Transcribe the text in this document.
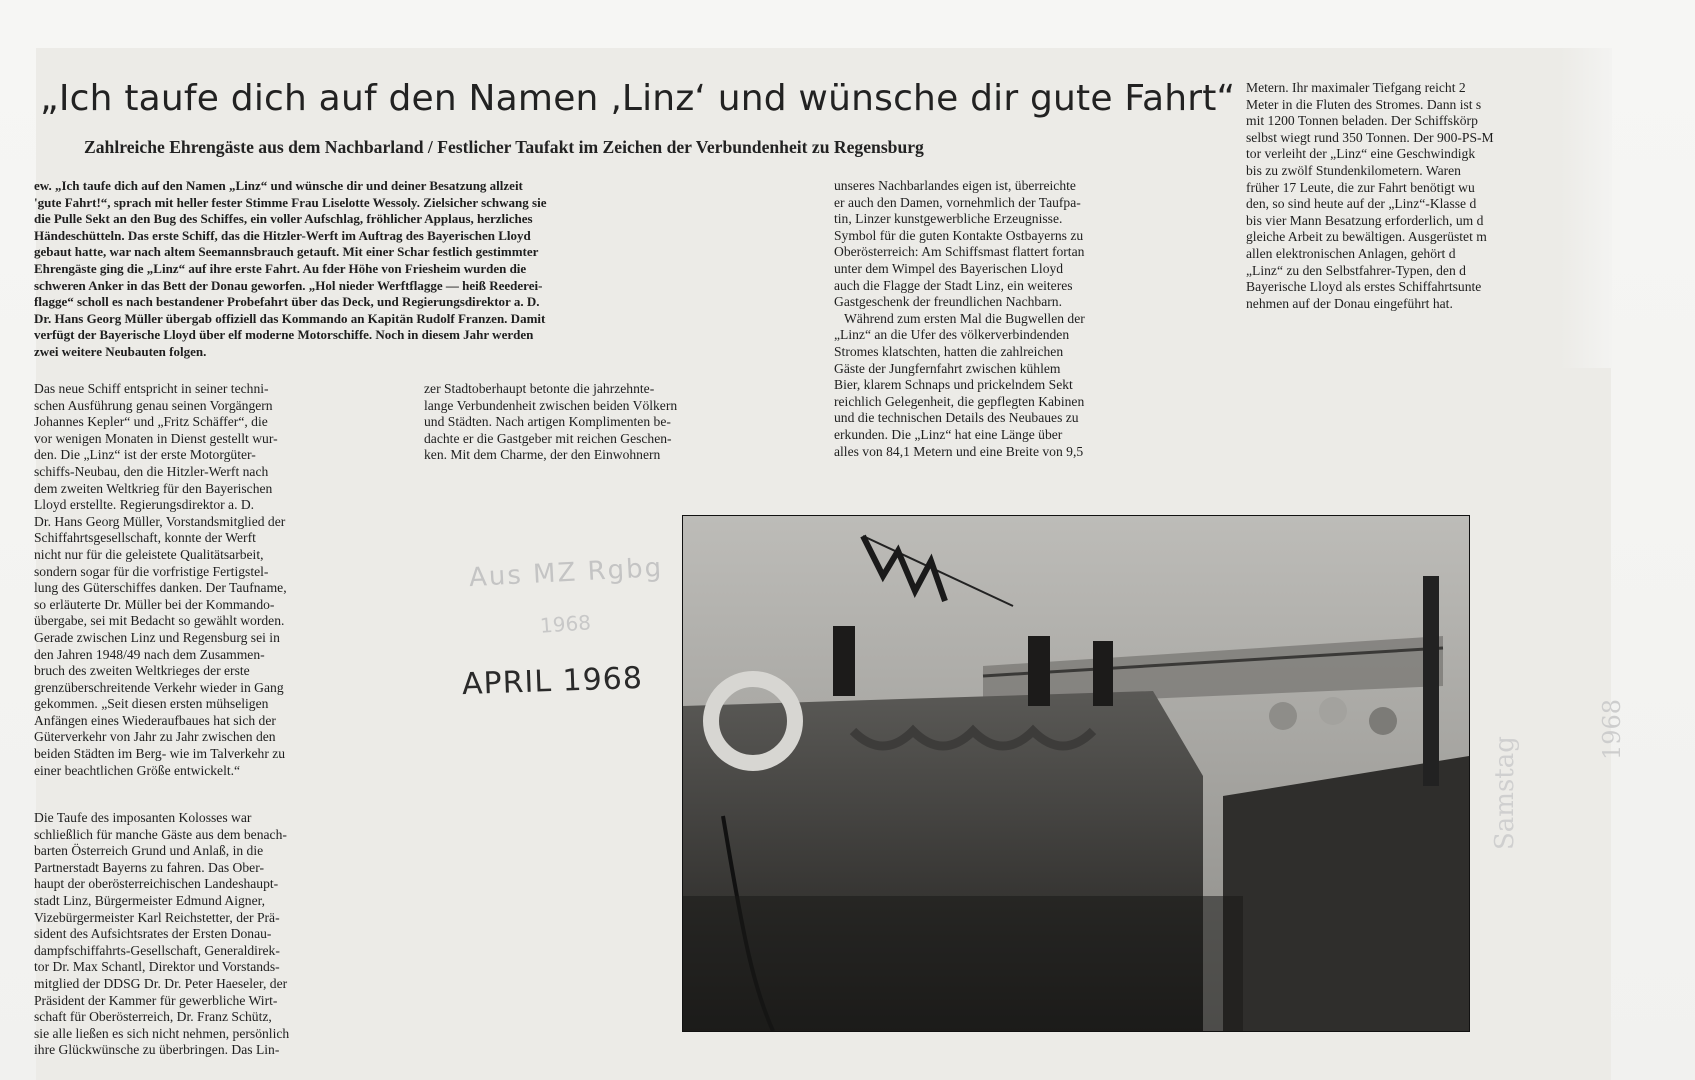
„Ich taufe dich auf den Namen ‚Linz‘ und wünsche dir gute Fahrt“
Zahlreiche Ehrengäste aus dem Nachbarland / Festlicher Taufakt im Zeichen der Verbundenheit zu Regensburg

ew. „Ich taufe dich auf den Namen „Linz“ und wünsche dir und deiner Besatzung allzeit
'gute Fahrt!“, sprach mit heller fester Stimme Frau Liselotte Wessoly. Zielsicher schwang sie
die Pulle Sekt an den Bug des Schiffes, ein voller Aufschlag, fröhlicher Applaus, herzliches
Händeschütteln. Das erste Schiff, das die Hitzler-Werft im Auftrag des Bayerischen Lloyd
gebaut hatte, war nach altem Seemannsbrauch getauft. Mit einer Schar festlich gestimmter
Ehrengäste ging die „Linz“ auf ihre erste Fahrt. Au fder Höhe von Friesheim wurden die
schweren Anker in das Bett der Donau geworfen. „Hol nieder Werftflagge — heiß Reederei-
flagge“ scholl es nach bestandener Probefahrt über das Deck, und Regierungsdirektor a. D.
Dr. Hans Georg Müller übergab offiziell das Kommando an Kapitän Rudolf Franzen. Damit
verfügt der Bayerische Lloyd über elf moderne Motorschiffe. Noch in diesem Jahr werden
zwei weitere Neubauten folgen.

Das neue Schiff entspricht in seiner techni-
schen Ausführung genau seinen Vorgängern
Johannes Kepler“ und „Fritz Schäffer“, die
vor wenigen Monaten in Dienst gestellt wur-
den. Die „Linz“ ist der erste Motorgüter-
schiffs-Neubau, den die Hitzler-Werft nach
dem zweiten Weltkrieg für den Bayerischen
Lloyd erstellte. Regierungsdirektor a. D.
Dr. Hans Georg Müller, Vorstandsmitglied der
Schiffahrtsgesellschaft, konnte der Werft
nicht nur für die geleistete Qualitätsarbeit,
sondern sogar für die vorfristige Fertigstel-
lung des Güterschiffes danken. Der Taufname,
so erläuterte Dr. Müller bei der Kommando-
übergabe, sei mit Bedacht so gewählt worden.
Gerade zwischen Linz und Regensburg sei in
den Jahren 1948/49 nach dem Zusammen-
bruch des zweiten Weltkrieges der erste
grenzüberschreitende Verkehr wieder in Gang
gekommen. „Seit diesen ersten mühseligen
Anfängen eines Wiederaufbaues hat sich der
Güterverkehr von Jahr zu Jahr zwischen den
beiden Städten im Berg- wie im Talverkehr zu
einer beachtlichen Größe entwickelt.“

Die Taufe des imposanten Kolosses war
schließlich für manche Gäste aus dem benach-
barten Österreich Grund und Anlaß, in die
Partnerstadt Bayerns zu fahren. Das Ober-
haupt der oberösterreichischen Landeshaupt-
stadt Linz, Bürgermeister Edmund Aigner,
Vizebürgermeister Karl Reichstetter, der Prä-
sident des Aufsichtsrates der Ersten Donau-
dampfschiffahrts-Gesellschaft, Generaldirek-
tor Dr. Max Schantl, Direktor und Vorstands-
mitglied der DDSG Dr. Dr. Peter Haeseler, der
Präsident der Kammer für gewerbliche Wirt-
schaft für Oberösterreich, Dr. Franz Schütz,
sie alle ließen es sich nicht nehmen, persönlich
ihre Glückwünsche zu überbringen. Das Lin-

zer Stadtoberhaupt betonte die jahrzehnte-
lange Verbundenheit zwischen beiden Völkern
und Städten. Nach artigen Komplimenten be-
dachte er die Gastgeber mit reichen Geschen-
ken. Mit dem Charme, der den Einwohnern

unseres Nachbarlandes eigen ist, überreichte
er auch den Damen, vornehmlich der Taufpa-
tin, Linzer kunstgewerbliche Erzeugnisse.
Symbol für die guten Kontakte Ostbayerns zu
Oberösterreich: Am Schiffsmast flattert fortan
unter dem Wimpel des Bayerischen Lloyd
auch die Flagge der Stadt Linz, ein weiteres
Gastgeschenk der freundlichen Nachbarn.
Während zum ersten Mal die Bugwellen der
„Linz“ an die Ufer des völkerverbindenden
Stromes klatschten, hatten die zahlreichen
Gäste der Jungfernfahrt zwischen kühlem
Bier, klarem Schnaps und prickelndem Sekt
reichlich Gelegenheit, die gepflegten Kabinen
und die technischen Details des Neubaues zu
erkunden. Die „Linz“ hat eine Länge über
alles von 84,1 Metern und eine Breite von 9,5

Metern. Ihr maximaler Tiefgang reicht 2
Meter in die Fluten des Stromes. Dann ist s
mit 1200 Tonnen beladen. Der Schiffskörp
selbst wiegt rund 350 Tonnen. Der 900-PS-M
tor verleiht der „Linz“ eine Geschwindigk
bis zu zwölf Stundenkilometern. Waren
früher 17 Leute, die zur Fahrt benötigt wu
den, so sind heute auf der „Linz“-Klasse d
bis vier Mann Besatzung erforderlich, um d
gleiche Arbeit zu bewältigen. Ausgerüstet m
allen elektronischen Anlagen, gehört d
„Linz“ zu den Selbstfahrer-Typen, den d
Bayerische Lloyd als erstes Schiffahrtsunte
nehmen auf der Donau eingeführt hat.

Aus MZ Rgbg
1968
APRIL 1968
Samstag
1968
